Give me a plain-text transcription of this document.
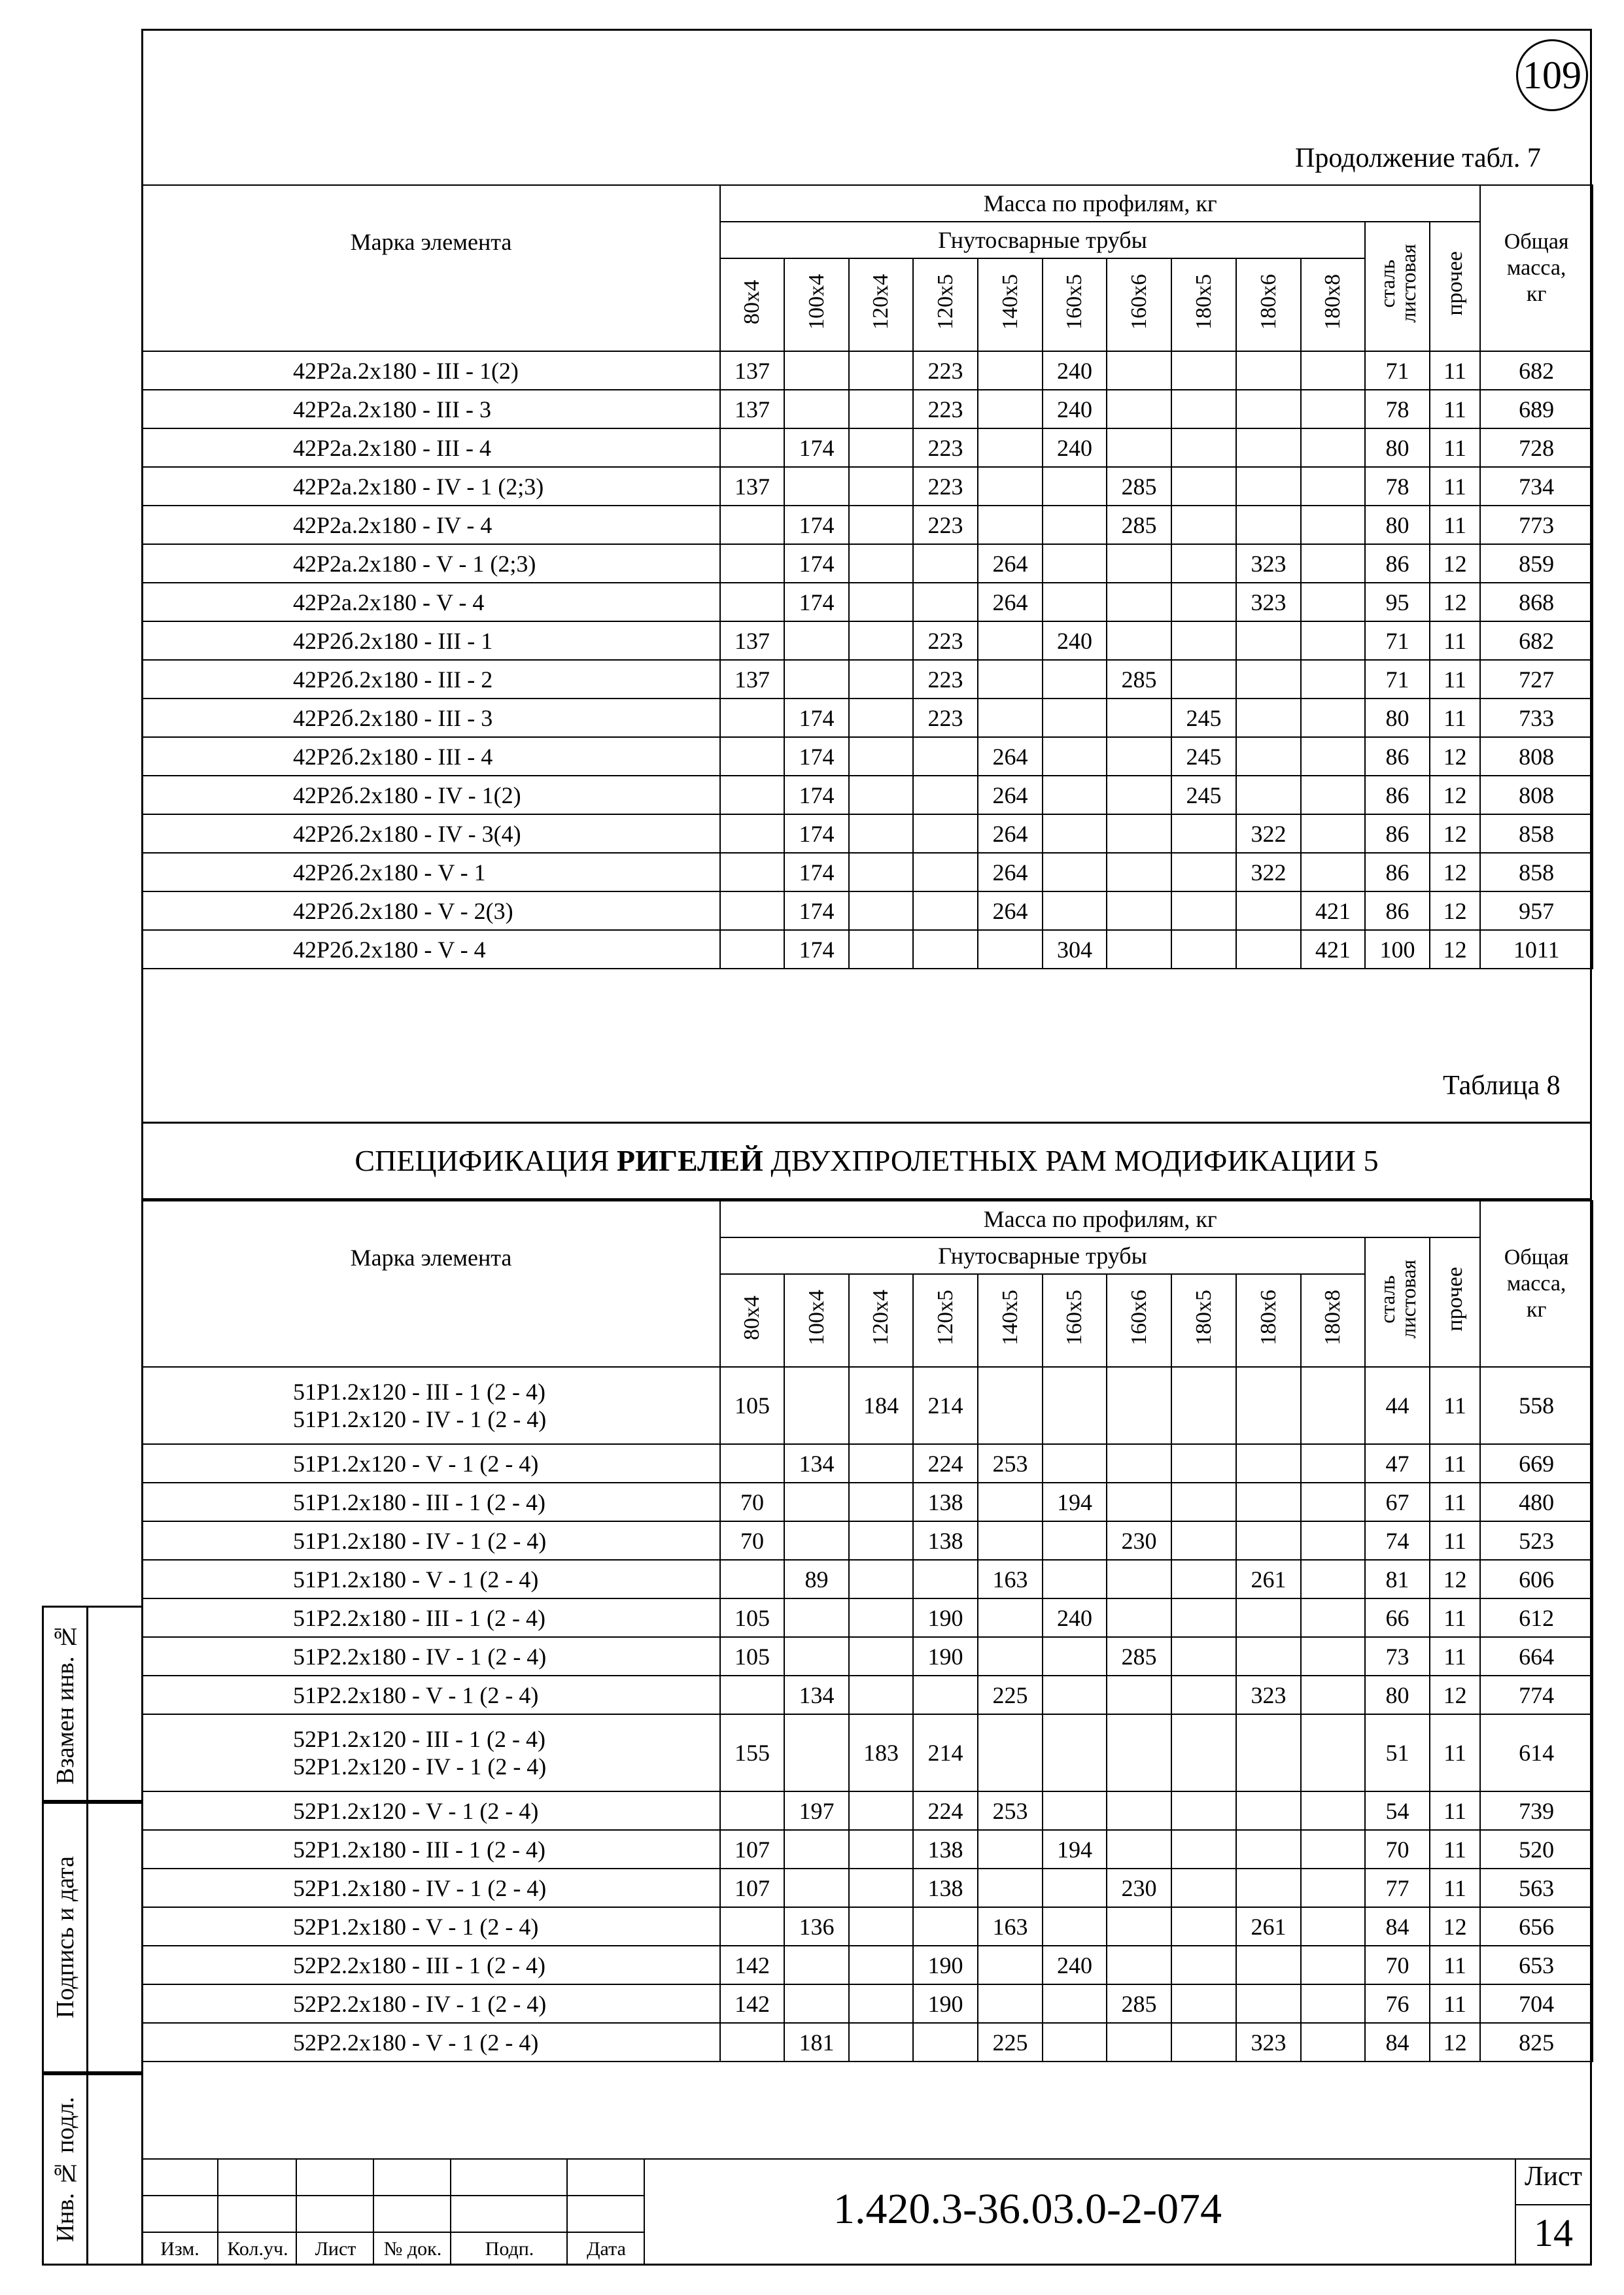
109
Продолжение табл. 7
Марка элемента	Масса по профилям, кг												Общая
масса,
кг
	Гнутосварные трубы										сталь
листовая	прочее	
	80x4	100x4	120x4	120x5	140x5	160x5	160x6	180x5	180x6	180x8			
42Р2а.2х180 - III - 1(2)	137			223		240					71	11	682
42Р2а.2х180 - III - 3	137			223		240					78	11	689
42Р2а.2х180 - III - 4		174		223		240					80	11	728
42Р2а.2х180 - IV - 1 (2;3)	137			223			285				78	11	734
42Р2а.2х180 - IV - 4		174		223			285				80	11	773
42Р2а.2х180 - V - 1 (2;3)		174			264				323		86	12	859
42Р2а.2х180 - V - 4		174			264				323		95	12	868
42Р2б.2х180 - III - 1	137			223		240					71	11	682
42Р2б.2х180 - III - 2	137			223			285				71	11	727
42Р2б.2х180 - III - 3		174		223				245			80	11	733
42Р2б.2х180 - III - 4		174			264			245			86	12	808
42Р2б.2х180 - IV - 1(2)		174			264			245			86	12	808
42Р2б.2х180 - IV - 3(4)		174			264				322		86	12	858
42Р2б.2х180 - V - 1		174			264				322		86	12	858
42Р2б.2х180 - V - 2(3)		174			264					421	86	12	957
42Р2б.2х180 - V - 4		174				304				421	100	12	1011
Таблица 8
СПЕЦИФИКАЦИЯ РИГЕЛЕЙ ДВУХПРОЛЕТНЫХ РАМ МОДИФИКАЦИИ 5
Марка элемента	Масса по профилям, кг												Общая
масса,
кг
	Гнутосварные трубы										сталь
листовая	прочее	
	80x4	100x4	120x4	120x5	140x5	160x5	160x6	180x5	180x6	180x8			
51Р1.2х120 - III - 1 (2 - 4)
51Р1.2х120 - IV - 1 (2 - 4)	105		184	214							44	11	558
51Р1.2х120 - V - 1 (2 - 4)		134		224	253						47	11	669
51Р1.2х180 - III - 1 (2 - 4)	70			138		194					67	11	480
51Р1.2х180 - IV - 1 (2 - 4)	70			138			230				74	11	523
51Р1.2х180 - V - 1 (2 - 4)		89			163				261		81	12	606
51Р2.2х180 - III - 1 (2 - 4)	105			190		240					66	11	612
51Р2.2х180 - IV - 1 (2 - 4)	105			190			285				73	11	664
51Р2.2х180 - V - 1 (2 - 4)		134			225				323		80	12	774
52Р1.2х120 - III - 1 (2 - 4)
52Р1.2х120 - IV - 1 (2 - 4)	155		183	214							51	11	614
52Р1.2х120 - V - 1 (2 - 4)		197		224	253						54	11	739
52Р1.2х180 - III - 1 (2 - 4)	107			138		194					70	11	520
52Р1.2х180 - IV - 1 (2 - 4)	107			138			230				77	11	563
52Р1.2х180 - V - 1 (2 - 4)		136			163				261		84	12	656
52Р2.2х180 - III - 1 (2 - 4)	142			190		240					70	11	653
52Р2.2х180 - IV - 1 (2 - 4)	142			190			285				76	11	704
52Р2.2х180 - V - 1 (2 - 4)		181			225				323		84	12	825
Взамен инв. №
Подпись и дата
Инв. № подл.
Изм.	Кол.уч.	Лист	№ док.	Подп.	Дата
1.420.3-36.03.0-2-074
Лист
14
